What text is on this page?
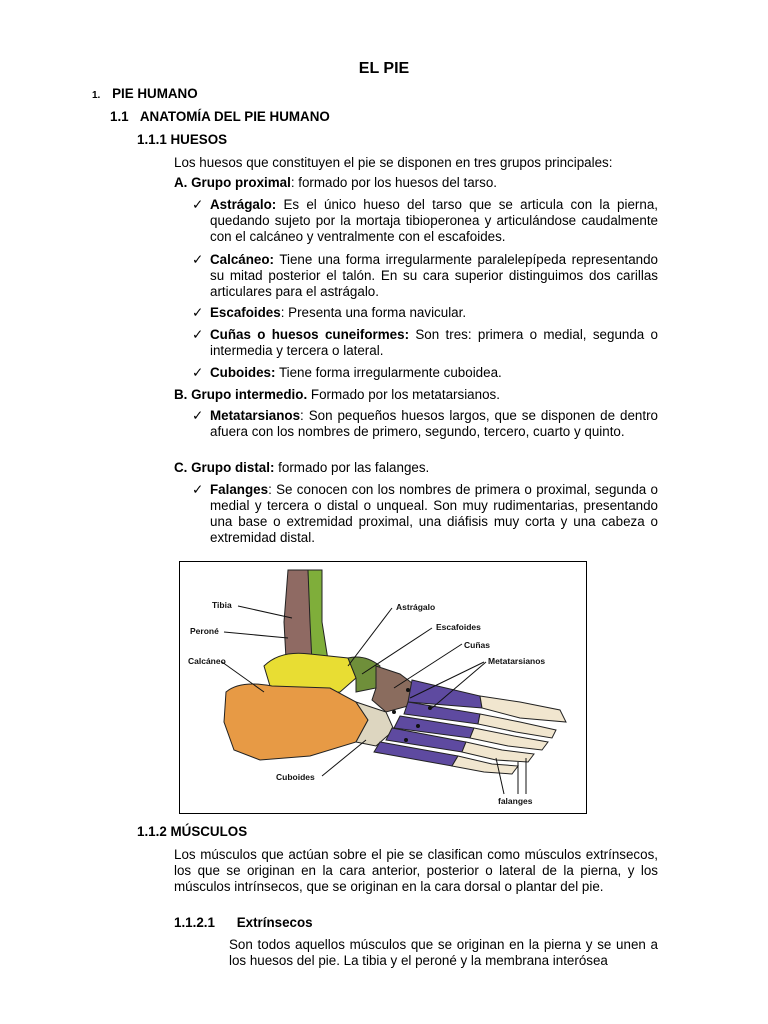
EL PIE
1. PIE HUMANO
1.1 ANATOMÍA DEL PIE HUMANO
1.1.1 HUESOS
Los huesos que constituyen el pie se disponen en tres grupos principales:
A. Grupo proximal: formado por los huesos del tarso.
✓ Astrágalo: Es el único hueso del tarso que se articula con la pierna, quedando sujeto por la mortaja tibioperonea y articulándose caudalmente con el calcáneo y ventralmente con el escafoides.
✓ Calcáneo: Tiene una forma irregularmente paralelepípeda representando su mitad posterior el talón. En su cara superior distinguimos dos carillas articulares para el astrágalo.
✓ Escafoides: Presenta una forma navicular.
✓ Cuñas o huesos cuneiformes: Son tres: primera o medial, segunda o intermedia y tercera o lateral.
✓ Cuboides: Tiene forma irregularmente cuboidea.
B. Grupo intermedio. Formado por los metatarsianos.
✓ Metatarsianos: Son pequeños huesos largos, que se disponen de dentro afuera con los nombres de primero, segundo, tercero, cuarto y quinto.
C. Grupo distal: formado por las falanges.
✓ Falanges: Se conocen con los nombres de primera o proximal, segunda o medial y tercera o distal o unqueal. Son muy rudimentarias, presentando una base o extremidad proximal, una diáfisis muy corta y una cabeza o extremidad distal.
Tibia
Peroné
Calcáneo
Astrágalo
Escafoides
Cuñas
Metatarsianos
Cuboides
falanges
1.1.2 MÚSCULOS
Los músculos que actúan sobre el pie se clasifican como músculos extrínsecos, los que se originan en la cara anterior, posterior o lateral de la pierna, y los músculos intrínsecos, que se originan en la cara dorsal o plantar del pie.
1.1.2.1 Extrínsecos
Son todos aquellos músculos que se originan en la pierna y se unen a los huesos del pie. La tibia y el peroné y la membrana interósea
